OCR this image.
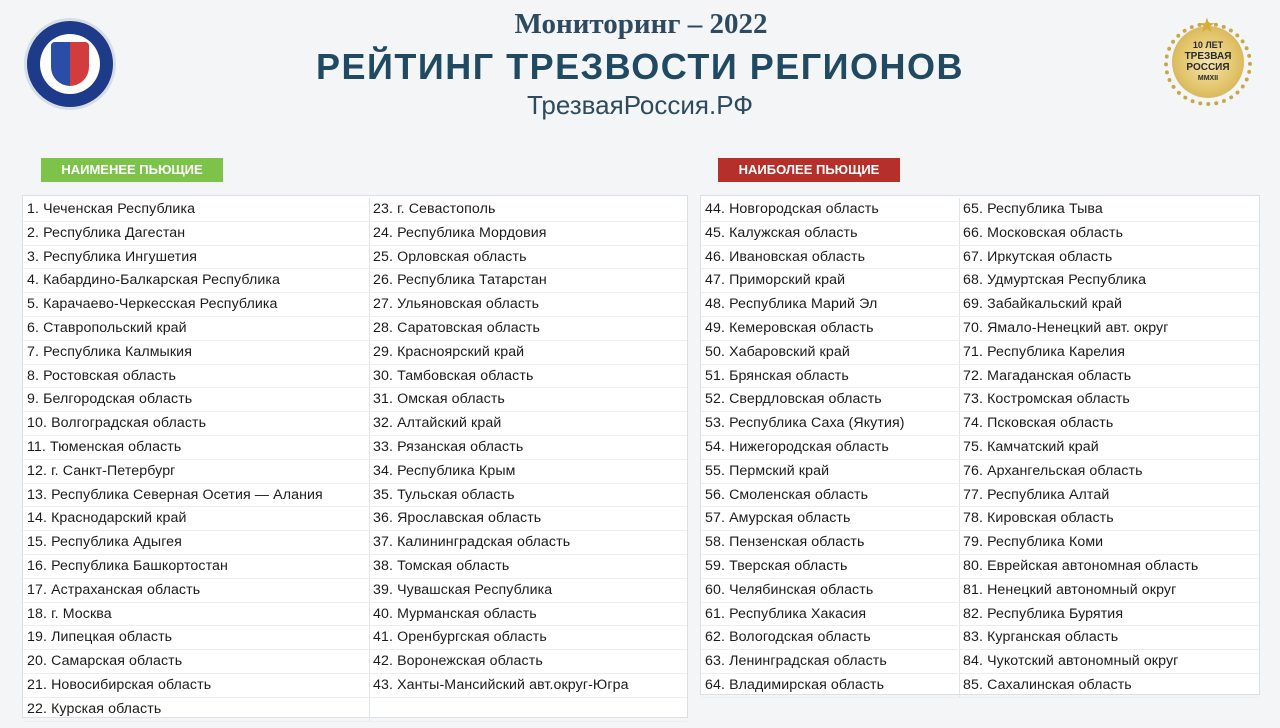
Мониторинг – 2022
РЕЙТИНГ ТРЕЗВОСТИ РЕГИОНОВ
ТрезваяРоссия.РФ
10 ЛЕТ
ТРЕЗВАЯ РОССИЯ
MMXII
★
НАИМЕНЕЕ ПЬЮЩИЕ	НАИБОЛЕЕ ПЬЮЩИЕ
1. Чеченская Республика
2. Республика Дагестан
3. Республика Ингушетия
4. Кабардино-Балкарская Республика
5. Карачаево-Черкесская Республика
6. Ставропольский край
7. Республика Калмыкия
8. Ростовская область
9. Белгородская область
10. Волгоградская область
11. Тюменская область
12. г. Санкт-Петербург
13. Республика Северная Осетия — Алания
14. Краснодарский край
15. Республика Адыгея
16. Республика Башкортостан
17. Астраханская область
18. г. Москва
19. Липецкая область
20. Самарская область
21. Новосибирская область
22. Курская область
23. г. Севастополь
24. Республика Мордовия
25. Орловская область
26. Республика Татарстан
27. Ульяновская область
28. Саратовская область
29. Красноярский край
30. Тамбовская область
31. Омская область
32. Алтайский край
33. Рязанская область
34. Республика Крым
35. Тульская область
36. Ярославская область
37. Калининградская область
38. Томская область
39. Чувашская Республика
40. Мурманская область
41. Оренбургская область
42. Воронежская область
43. Ханты-Мансийский авт.округ-Югра
44. Новгородская область
45. Калужская область
46. Ивановская область
47. Приморский край
48. Республика Марий Эл
49. Кемеровская область
50. Хабаровский край
51. Брянская область
52. Свердловская область
53. Республика Саха (Якутия)
54. Нижегородская область
55. Пермский край
56. Смоленская область
57. Амурская область
58. Пензенская область
59. Тверская область
60. Челябинская область
61. Республика Хакасия
62. Вологодская область
63. Ленинградская область
64. Владимирская область
65. Республика Тыва
66. Московская область
67. Иркутская область
68. Удмуртская Республика
69. Забайкальский край
70. Ямало-Ненецкий авт. округ
71. Республика Карелия
72. Магаданская область
73. Костромская область
74. Псковская область
75. Камчатский край
76. Архангельская область
77. Республика Алтай
78. Кировская область
79. Республика Коми
80. Еврейская автономная область
81. Ненецкий автономный округ
82. Республика Бурятия
83. Курганская область
84. Чукотский автономный округ
85. Сахалинская область
